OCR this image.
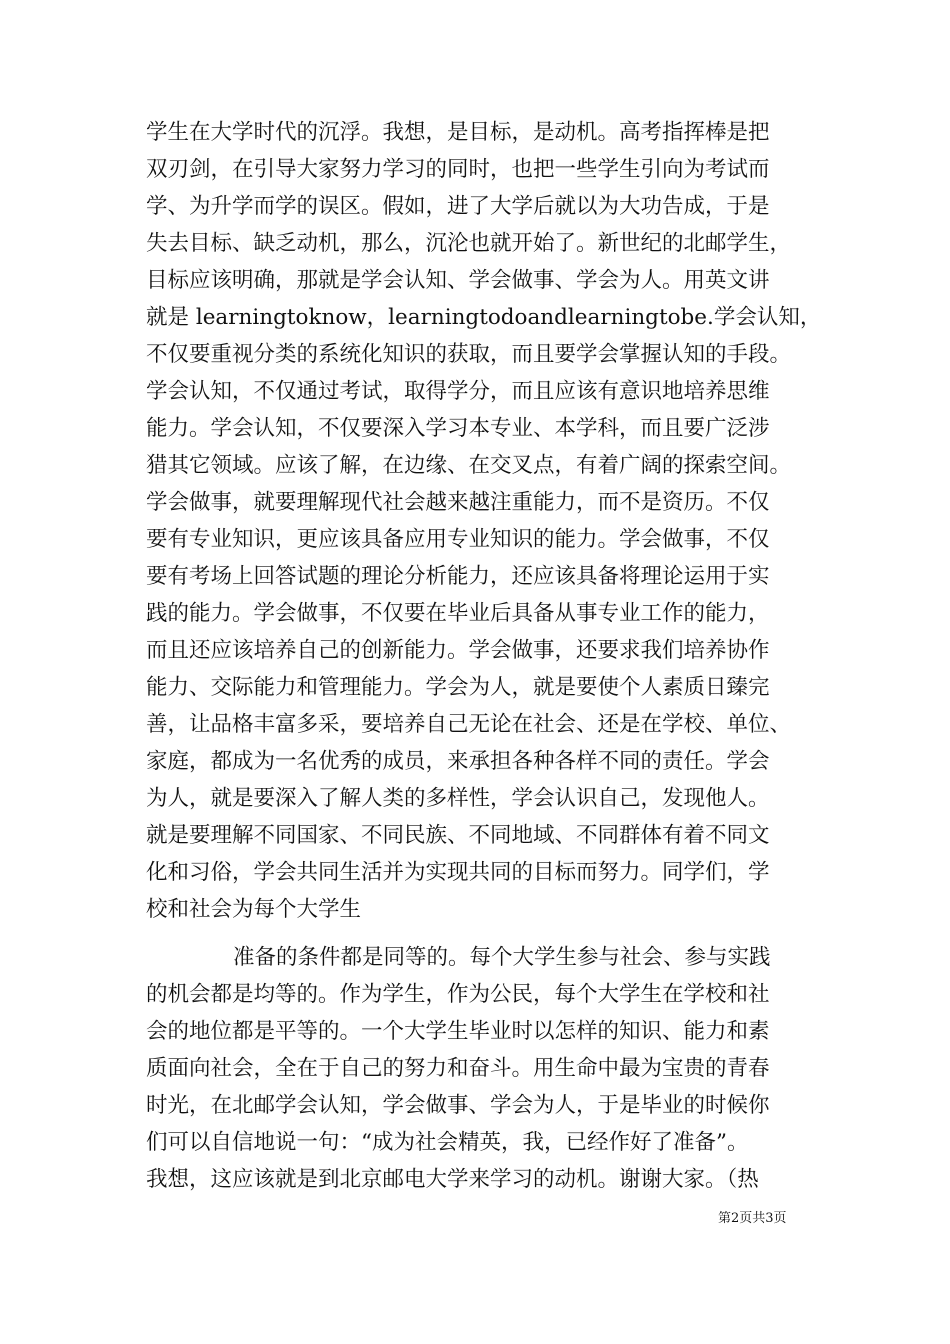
学生在大学时代的沉浮。我想，是目标，是动机。高考指挥棒是把
双刃剑，在引导大家努力学习的同时，也把一些学生引向为考试而
学、为升学而学的误区。假如，进了大学后就以为大功告成，于是
失去目标、缺乏动机，那么，沉沦也就开始了。新世纪的北邮学生，
目标应该明确，那就是学会认知、学会做事、学会为人。用英文讲
就是 learningtoknow，learningtodoandlearningtobe.学会认知，
不仅要重视分类的系统化知识的获取，而且要学会掌握认知的手段。
学会认知，不仅通过考试，取得学分，而且应该有意识地培养思维
能力。学会认知，不仅要深入学习本专业、本学科，而且要广泛涉
猎其它领域。应该了解，在边缘、在交叉点，有着广阔的探索空间。
学会做事，就要理解现代社会越来越注重能力，而不是资历。不仅
要有专业知识，更应该具备应用专业知识的能力。学会做事，不仅
要有考场上回答试题的理论分析能力，还应该具备将理论运用于实
践的能力。学会做事，不仅要在毕业后具备从事专业工作的能力，
而且还应该培养自己的创新能力。学会做事，还要求我们培养协作
能力、交际能力和管理能力。学会为人，就是要使个人素质日臻完
善，让品格丰富多采，要培养自己无论在社会、还是在学校、单位、
家庭，都成为一名优秀的成员，来承担各种各样不同的责任。学会
为人，就是要深入了解人类的多样性，学会认识自己，发现他人。
就是要理解不同国家、不同民族、不同地域、不同群体有着不同文
化和习俗，学会共同生活并为实现共同的目标而努力。同学们，学
校和社会为每个大学生
准备的条件都是同等的。每个大学生参与社会、参与实践
的机会都是均等的。作为学生，作为公民，每个大学生在学校和社
会的地位都是平等的。一个大学生毕业时以怎样的知识、能力和素
质面向社会，全在于自己的努力和奋斗。用生命中最为宝贵的青春
时光，在北邮学会认知，学会做事、学会为人，于是毕业的时候你
们可以自信地说一句：“成为社会精英，我，已经作好了准备”。
我想，这应该就是到北京邮电大学来学习的动机。谢谢大家。（热
第2页共3页
